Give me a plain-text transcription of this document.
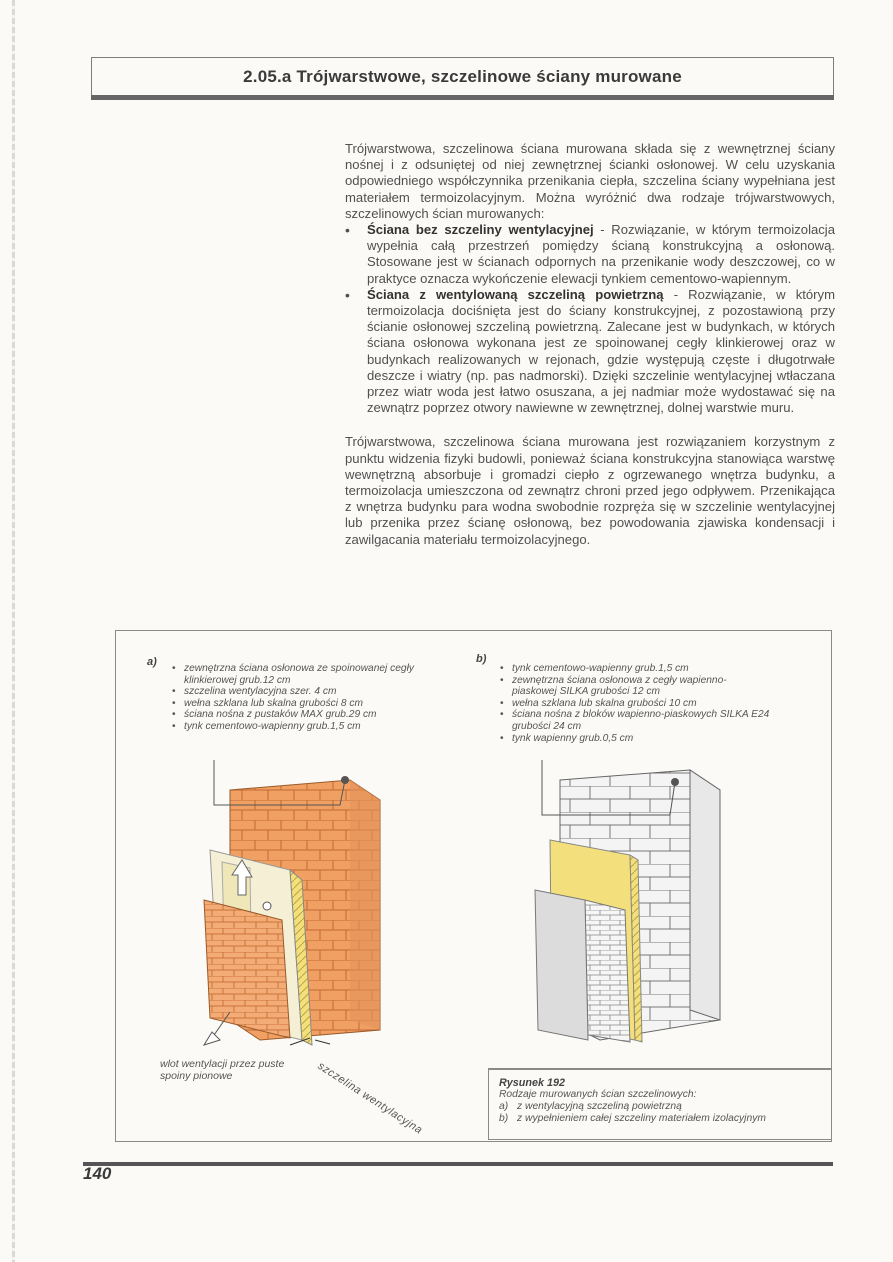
2.05.a Trójwarstwowe, szczelinowe ściany murowane

Trójwarstwowa, szczelinowa ściana murowana składa się z wewnętrznej ściany nośnej i z odsuniętej od niej zewnętrznej ścianki osłonowej. W celu uzyskania odpowiedniego współczynnika przenikania ciepła, szczelina ściany wypełniana jest materiałem termoizolacyjnym. Można wyróżnić dwa rodzaje trójwarstwowych, szczelinowych ścian murowanych:

• Ściana bez szczeliny wentylacyjnej - Rozwiązanie, w którym termoizolacja wypełnia całą przestrzeń pomiędzy ścianą konstrukcyjną a osłonową. Stosowane jest w ścianach odpornych na przenikanie wody deszczowej, co w praktyce oznacza wykończenie elewacji tynkiem cementowo-wapiennym.
• Ściana z wentylowaną szczeliną powietrzną - Rozwiązanie, w którym termoizolacja dociśnięta jest do ściany konstrukcyjnej, z pozostawioną przy ścianie osłonowej szczeliną powietrzną. Zalecane jest w budynkach, w których ściana osłonowa wykonana jest ze spoinowanej cegły klinkierowej oraz w budynkach realizowanych w rejonach, gdzie występują częste i długotrwałe deszcze i wiatry (np. pas nadmorski). Dzięki szczelinie wentylacyjnej wtłaczana przez wiatr woda jest łatwo osuszana, a jej nadmiar może wydostawać się na zewnątrz poprzez otwory nawiewne w zewnętrznej, dolnej warstwie muru.

Trójwarstwowa, szczelinowa ściana murowana jest rozwiązaniem korzystnym z punktu widzenia fizyki budowli, ponieważ ściana konstrukcyjna stanowiąca warstwę wewnętrzną absorbuje i gromadzi ciepło z ogrzewanego wnętrza budynku, a termoizolacja umieszczona od zewnątrz chroni przed jego odpływem. Przenikająca z wnętrza budynku para wodna swobodnie rozpręża się w szczelinie wentylacyjnej lub przenika przez ścianę osłonową, bez powodowania zjawiska kondensacji i zawilgacania materiału termoizolacyjnego.

a)
• zewnętrzna ściana osłonowa ze spoinowanej cegły klinkierowej grub.12 cm
• szczelina wentylacyjna szer. 4 cm
• wełna szklana lub skalna grubości 8 cm
• ściana nośna z pustaków MAX grub.29 cm
• tynk cementowo-wapienny grub.1,5 cm
b)
• tynk cementowo-wapienny grub.1,5 cm
• zewnętrzna ściana osłonowa z cegły wapienno-piaskowej SILKA grubości 12 cm
• wełna szklana lub skalna grubości 10 cm
• ściana nośna z bloków wapienno-piaskowych SILKA E24 grubości 24 cm
• tynk wapienny grub.0,5 cm
wlot wentylacji przez puste spoiny pionowe	szczelina wentylacyjna	Rysunek 192
Rodzaje murowanych ścian szczelinowych:
a) z wentylacyjną szczeliną powietrzną
b) z wypełnieniem całej szczeliny materiałem izolacyjnym
140
